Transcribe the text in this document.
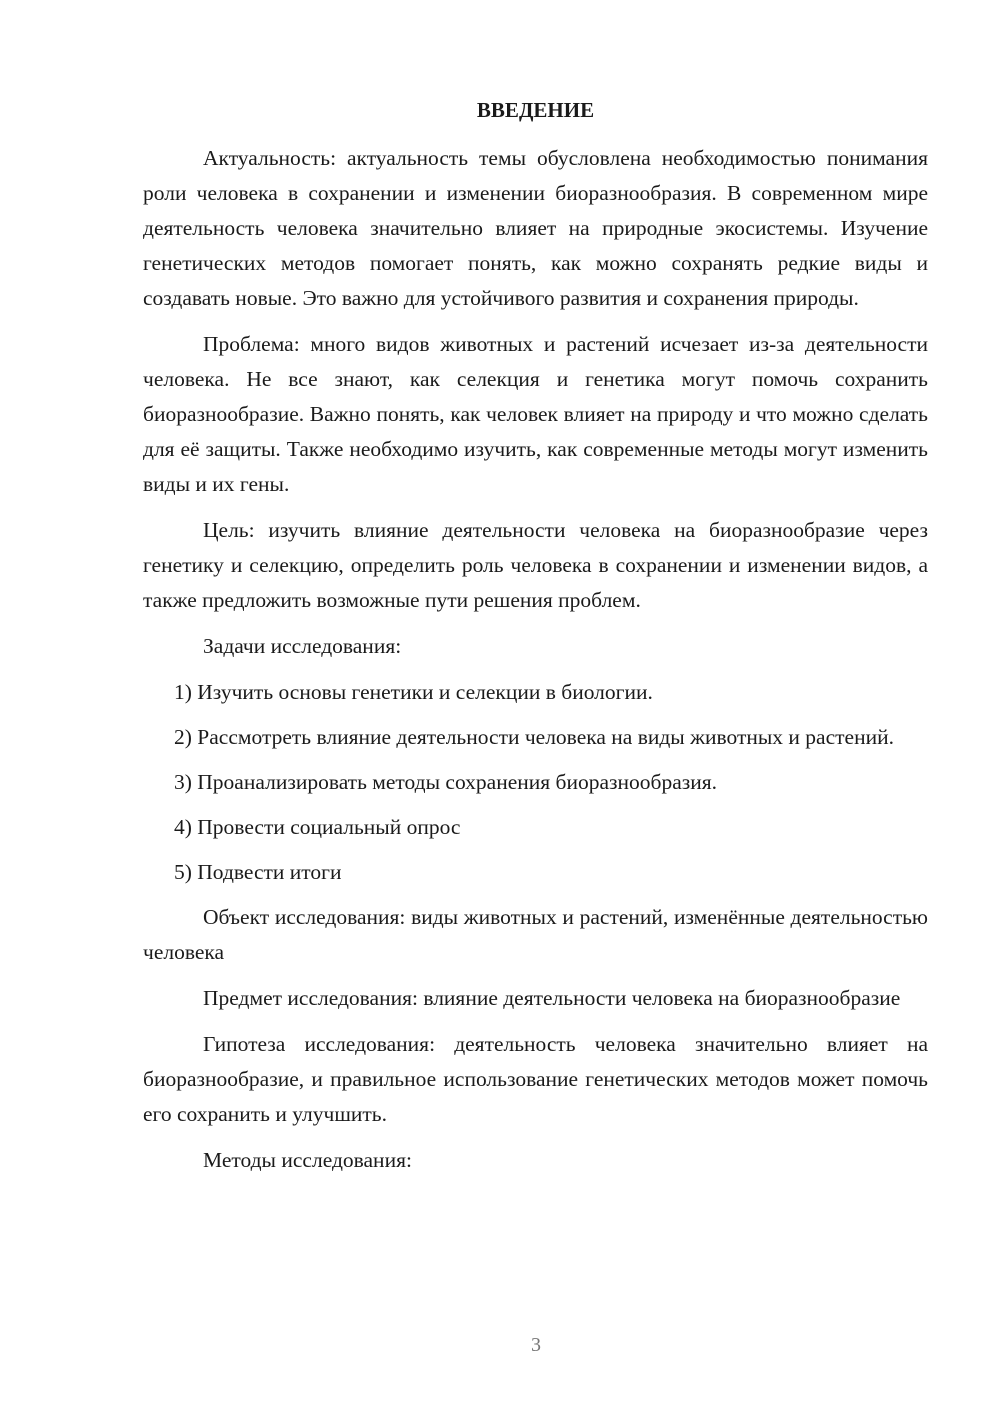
ВВЕДЕНИЕ

Актуальность: актуальность темы обусловлена необходимостью понимания роли человека в сохранении и изменении биоразнообразия. В современном мире деятельность человека значительно влияет на природные экосистемы. Изучение генетических методов помогает понять, как можно сохранять редкие виды и создавать новые. Это важно для устойчивого развития и сохранения природы.

Проблема: много видов животных и растений исчезает из-за деятельности человека. Не все знают, как селекция и генетика могут помочь сохранить биоразнообразие. Важно понять, как человек влияет на природу и что можно сделать для её защиты. Также необходимо изучить, как современные методы могут изменить виды и их гены.

Цель: изучить влияние деятельности человека на биоразнообразие через генетику и селекцию, определить роль человека в сохранении и изменении видов, а также предложить возможные пути решения проблем.

Задачи исследования:

1) Изучить основы генетики и селекции в биологии.

2) Рассмотреть влияние деятельности человека на виды животных и растений.

3) Проанализировать методы сохранения биоразнообразия.

4) Провести социальный опрос

5) Подвести итоги

Объект исследования: виды животных и растений, изменённые деятельностью человека

Предмет исследования: влияние деятельности человека на биоразнообразие

Гипотеза исследования: деятельность человека значительно влияет на биоразнообразие, и правильное использование генетических методов может помочь его сохранить и улучшить.

Методы исследования:

3
